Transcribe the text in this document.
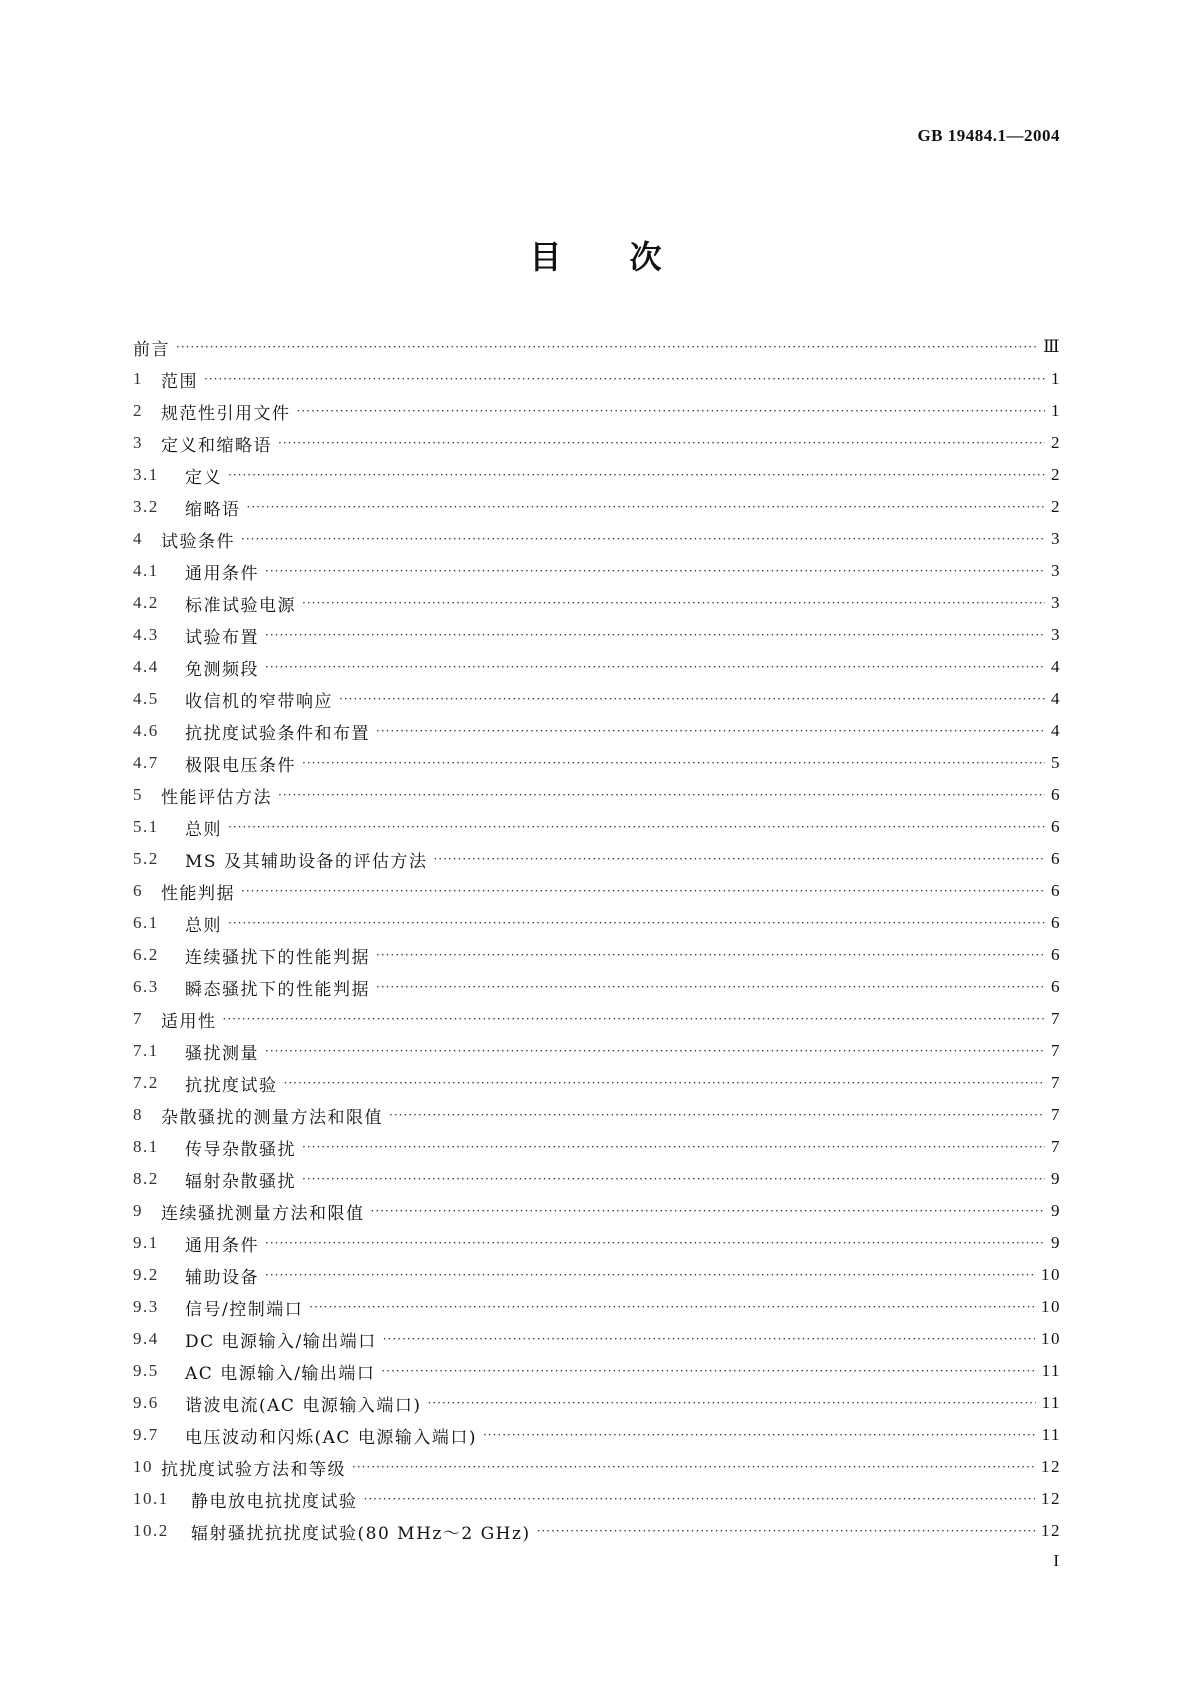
GB 19484.1—2004
目次
前言 ·····	Ⅲ
1	范围 ·····	1
2	规范性引用文件 ·····	1
3	定义和缩略语 ·····	2
3.1	定义 ·····	2
3.2	缩略语 ·····	2
4	试验条件 ·····	3
4.1	通用条件 ·····	3
4.2	标准试验电源 ·····	3
4.3	试验布置 ·····	3
4.4	免测频段 ·····	4
4.5	收信机的窄带响应 ·····	4
4.6	抗扰度试验条件和布置 ·····	4
4.7	极限电压条件 ·····	5
5	性能评估方法 ·····	6
5.1	总则 ·····	6
5.2	MS 及其辅助设备的评估方法 ·····	6
6	性能判据 ·····	6
6.1	总则 ·····	6
6.2	连续骚扰下的性能判据 ·····	6
6.3	瞬态骚扰下的性能判据 ·····	6
7	适用性 ·····	7
7.1	骚扰测量 ·····	7
7.2	抗扰度试验 ·····	7
8	杂散骚扰的测量方法和限值 ·····	7
8.1	传导杂散骚扰 ·····	7
8.2	辐射杂散骚扰 ·····	9
9	连续骚扰测量方法和限值 ·····	9
9.1	通用条件 ·····	9
9.2	辅助设备 ·····	10
9.3	信号/控制端口 ·····	10
9.4	DC 电源输入/输出端口 ·····	10
9.5	AC 电源输入/输出端口 ·····	11
9.6	谐波电流(AC 电源输入端口) ·····	11
9.7	电压波动和闪烁(AC 电源输入端口) ·····	11
10 抗扰度试验方法和等级 ·····	12
10.1	静电放电抗扰度试验 ·····	12
10.2	辐射骚扰抗扰度试验(80 MHz～2 GHz) ·····	12
I
